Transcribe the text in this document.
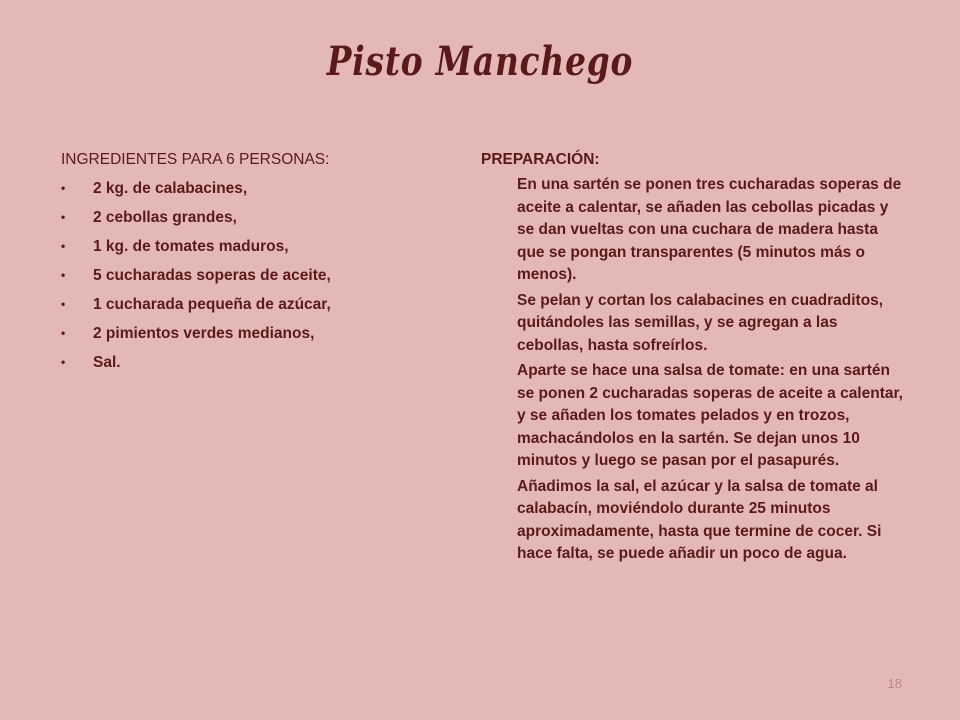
Pisto Manchego
INGREDIENTES PARA 6 PERSONAS:
• 2 kg. de calabacines,
• 2 cebollas grandes,
• 1 kg. de tomates maduros,
• 5 cucharadas soperas de aceite,
• 1 cucharada pequeña de azúcar,
• 2 pimientos verdes medianos,
• Sal.
PREPARACIÓN:

En una sartén se ponen tres cucharadas soperas de aceite a calentar, se añaden las cebollas picadas y se dan vueltas con una cuchara de madera hasta que se pongan transparentes (5 minutos más o menos).

Se pelan y cortan los calabacines en cuadraditos, quitándoles las semillas, y se agregan a las cebollas, hasta sofreírlos.

Aparte se hace una salsa de tomate: en una sartén se ponen 2 cucharadas soperas de aceite a calentar, y se añaden los tomates pelados y en trozos, machacándolos en la sartén. Se dejan unos 10 minutos y luego se pasan por el pasapurés.

Añadimos la sal, el azúcar y la salsa de tomate al calabacín, moviéndolo durante 25 minutos aproximadamente, hasta que termine de cocer. Si hace falta, se puede añadir un poco de agua.

18
